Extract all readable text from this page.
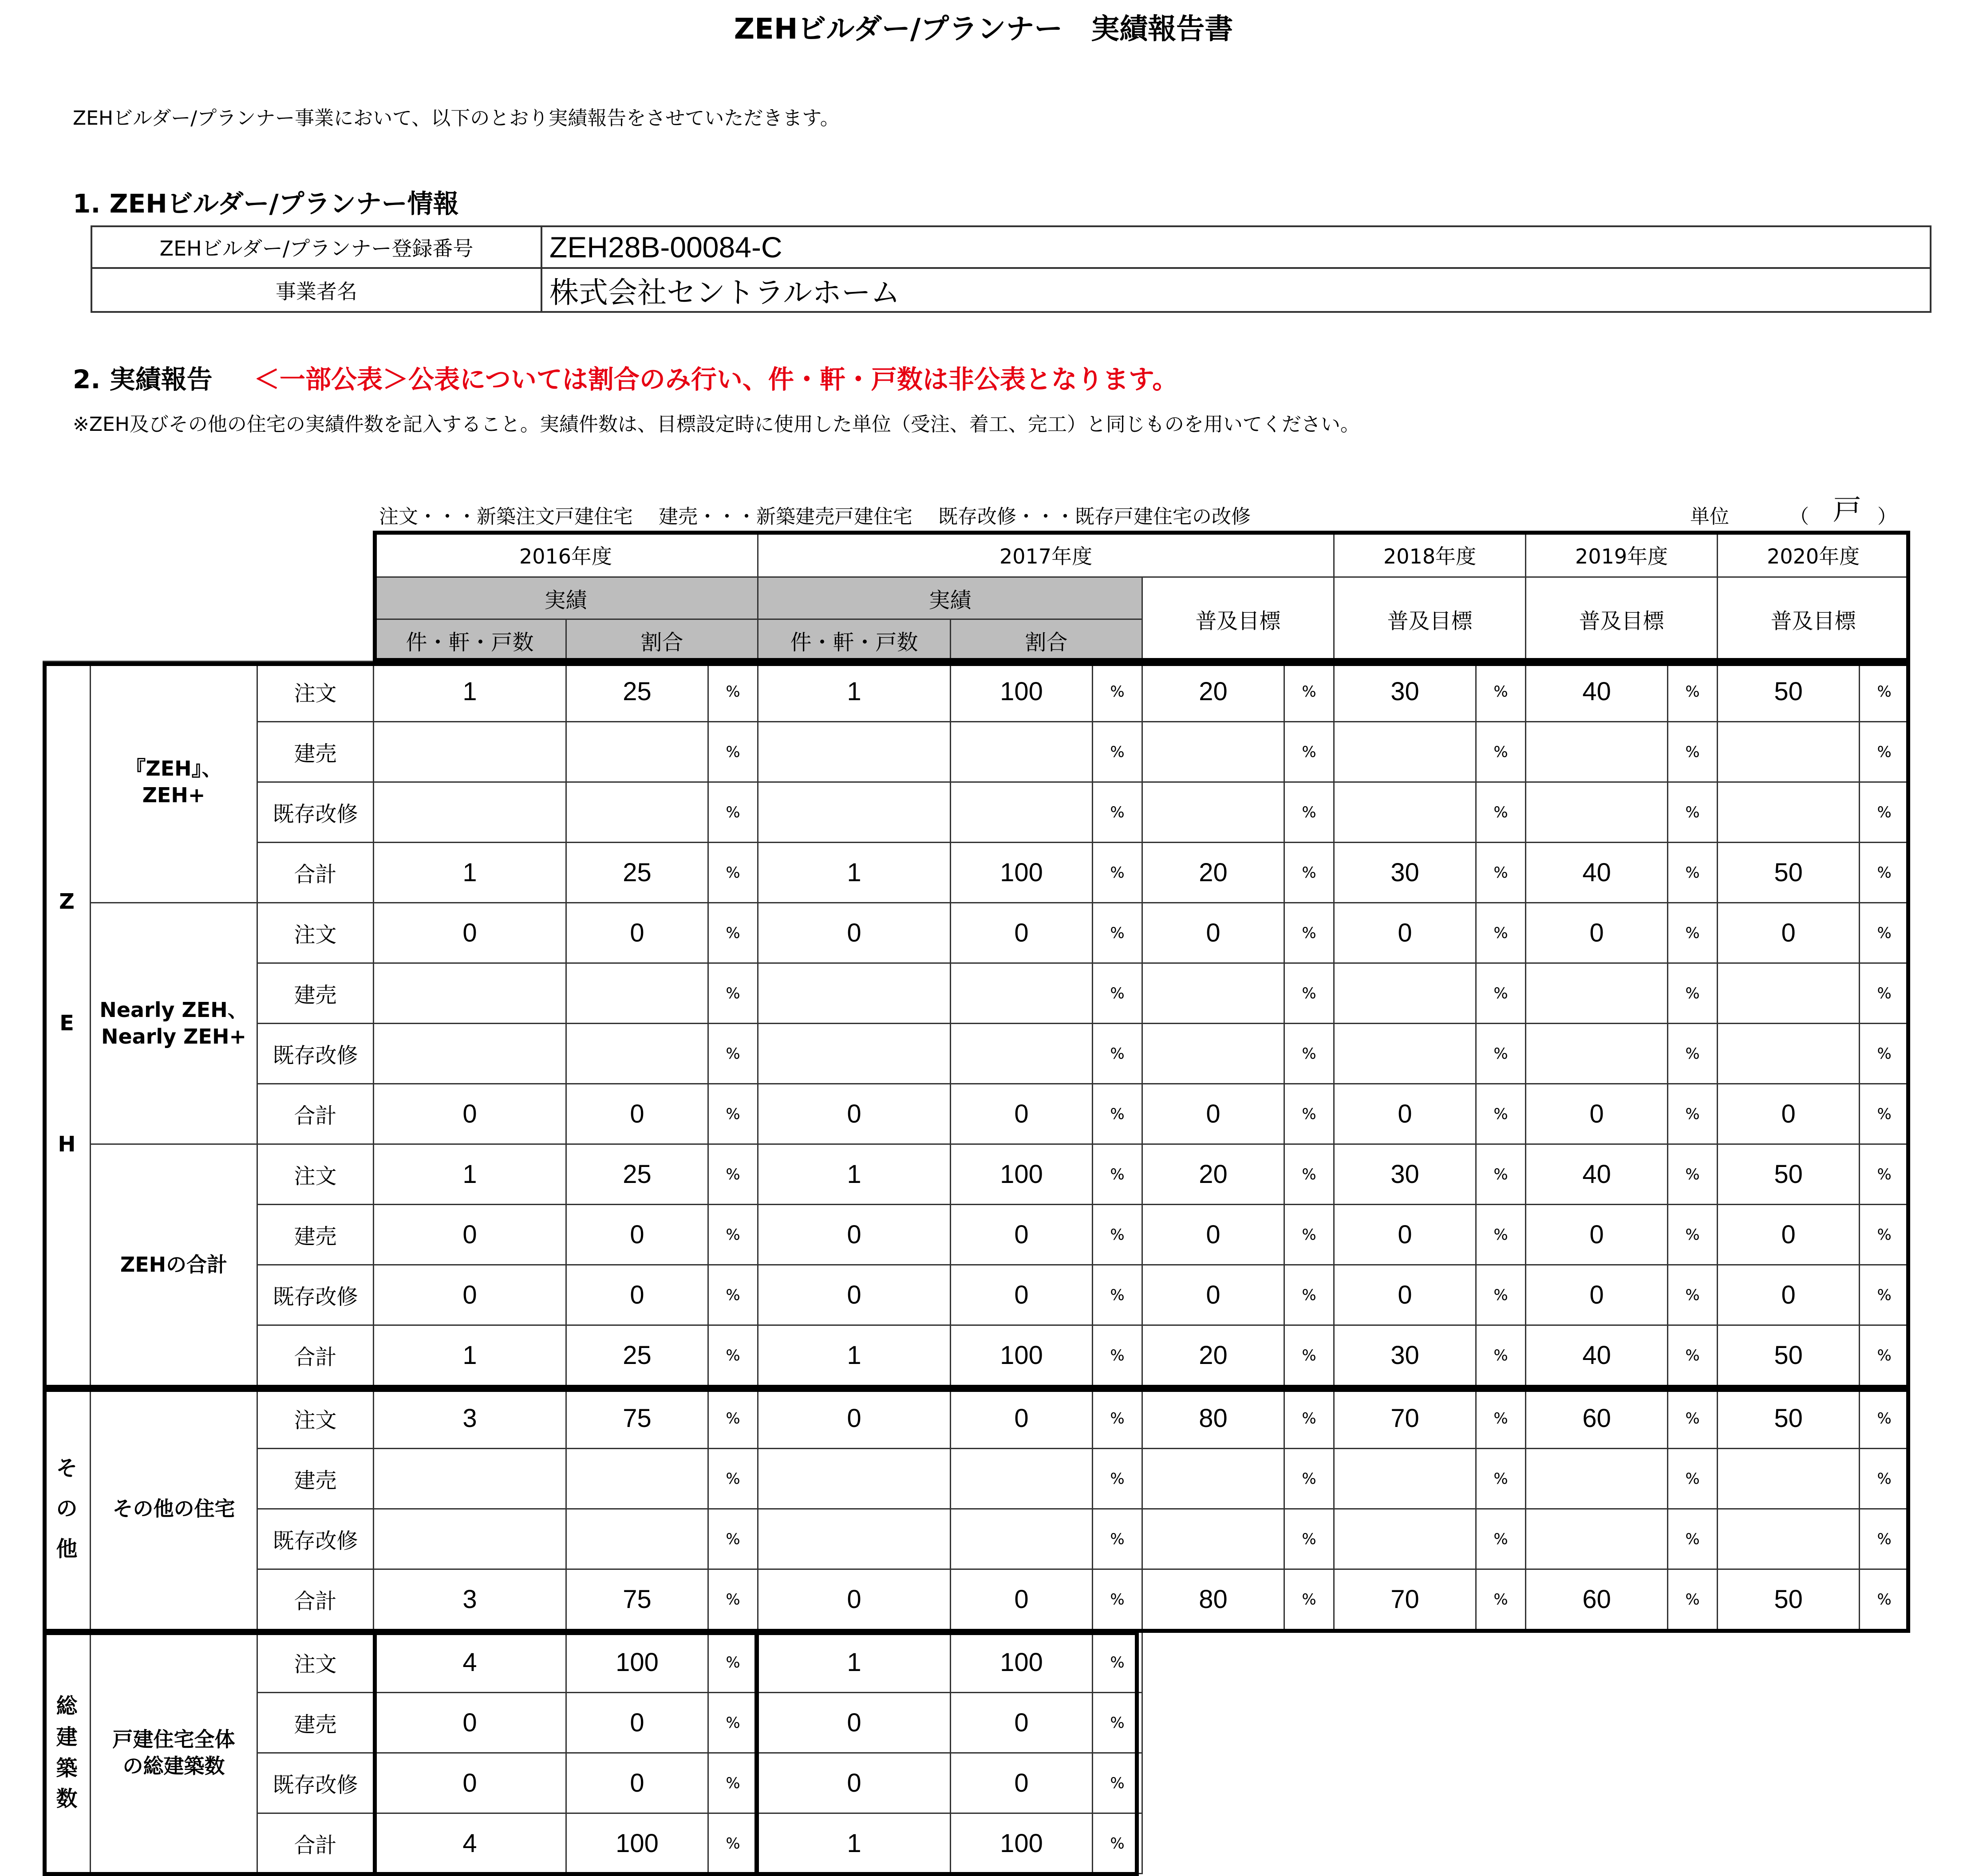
ZEHビルダー/プランナー　実績報告書
ZEHビルダー/プランナー事業において、以下のとおり実績報告をさせていただきます。
1. ZEHビルダー/プランナー情報
ZEHビルダー/プランナー登録番号	ZEH28B-00084-C
事業者名	株式会社セントラルホーム
2. 実績報告 ＜一部公表＞公表については割合のみ行い、件・軒・戸数は非公表となります。
※ZEH及びその他の住宅の実績件数を記入すること。実績件数は、目標設定時に使用した単位（受注、着工、完工）と同じものを用いてください。
注文・・・新築注文戸建住宅　 建売・・・新築建売戸建住宅　 既存改修・・・既存戸建住宅の改修	単位	（ 戸 ）
			2016年度			2017年度					2018年度		2019年度		2020年度	
			実績			実績			普及目標		普及目標		普及目標		普及目標	
			件・軒・戸数	割合		件・軒・戸数	割合									
Z

E

H	『ZEH』、
ZEH+	注文	1	25	%	1	100	%	20	%	30	%	40	%	50	%
		建売			%			%		%		%		%		%
		既存改修			%			%		%		%		%		%
		合計	1	25	%	1	100	%	20	%	30	%	40	%	50	%
	Nearly ZEH、
Nearly ZEH+	注文	0	0	%	0	0	%	0	%	0	%	0	%	0	%
		建売			%			%		%		%		%		%
		既存改修			%			%		%		%		%		%
		合計	0	0	%	0	0	%	0	%	0	%	0	%	0	%
	ZEHの合計	注文	1	25	%	1	100	%	20	%	30	%	40	%	50	%
		建売	0	0	%	0	0	%	0	%	0	%	0	%	0	%
		既存改修	0	0	%	0	0	%	0	%	0	%	0	%	0	%
		合計	1	25	%	1	100	%	20	%	30	%	40	%	50	%
そ
の
他	その他の住宅	注文	3	75	%	0	0	%	80	%	70	%	60	%	50	%
		建売			%			%		%		%		%		%
		既存改修			%			%		%		%		%		%
		合計	3	75	%	0	0	%	80	%	70	%	60	%	50	%
総
建
築
数	戸建住宅全体
の総建築数	注文	4	100	%	1	100	%								
		建売	0	0	%	0	0	%								
		既存改修	0	0	%	0	0	%								
		合計	4	100	%	1	100	%								
